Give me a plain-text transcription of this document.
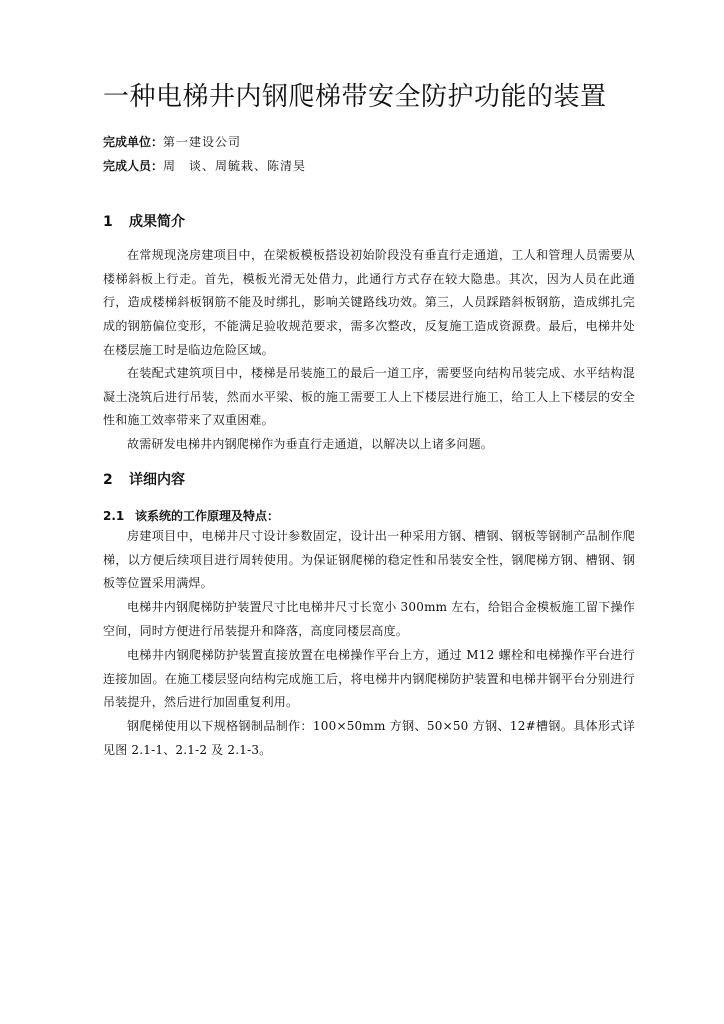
一种电梯井内钢爬梯带安全防护功能的装置
完成单位：第一建设公司
完成人员：周　谈、周毓栽、陈清昊
1 成果简介

在常规现浇房建项目中，在梁板模板搭设初始阶段没有垂直行走通道，工人和管理人员需要从楼梯斜板上行走。首先，模板光滑无处借力，此通行方式存在较大隐患。其次，因为人员在此通行，造成楼梯斜板钢筋不能及时绑扎，影响关键路线功效。第三，人员踩踏斜板钢筋，造成绑扎完成的钢筋偏位变形，不能满足验收规范要求，需多次整改，反复施工造成资源费。最后，电梯井处在楼层施工时是临边危险区域。

在装配式建筑项目中，楼梯是吊装施工的最后一道工序，需要竖向结构吊装完成、水平结构混凝土浇筑后进行吊装，然而水平梁、板的施工需要工人上下楼层进行施工，给工人上下楼层的安全性和施工效率带来了双重困难。

故需研发电梯井内钢爬梯作为垂直行走通道，以解决以上诸多问题。

2 详细内容
2.1 该系统的工作原理及特点：

房建项目中，电梯井尺寸设计参数固定，设计出一种采用方钢、槽钢、钢板等钢制产品制作爬梯，以方便后续项目进行周转使用。为保证钢爬梯的稳定性和吊装安全性，钢爬梯方钢、槽钢、钢板等位置采用满焊。

电梯井内钢爬梯防护装置尺寸比电梯井尺寸长宽小 300mm 左右，给铝合金模板施工留下操作空间，同时方便进行吊装提升和降落，高度同楼层高度。

电梯井内钢爬梯防护装置直接放置在电梯操作平台上方，通过 M12 螺栓和电梯操作平台进行连接加固。在施工楼层竖向结构完成施工后，将电梯井内钢爬梯防护装置和电梯井钢平台分别进行吊装提升，然后进行加固重复利用。

钢爬梯使用以下规格钢制品制作：100×50mm 方钢、50×50 方钢、12#槽钢。具体形式详见图 2.1-1、2.1-2 及 2.1-3。
